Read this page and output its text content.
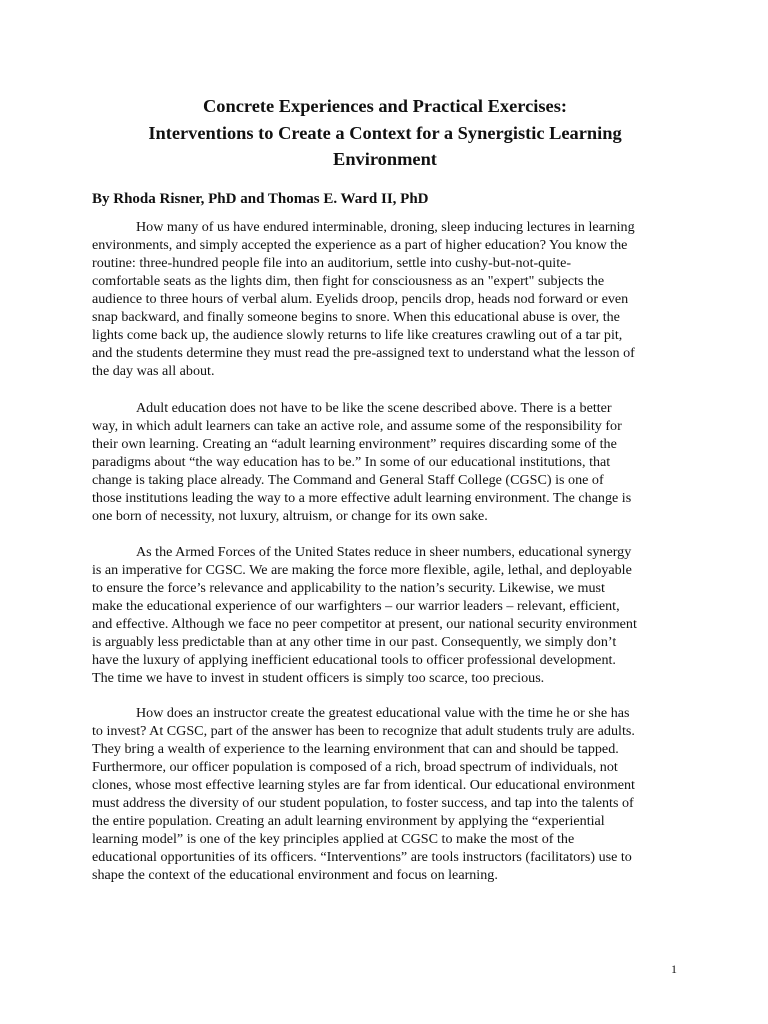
Concrete Experiences and Practical Exercises:
Interventions to Create a Context for a Synergistic Learning
Environment
By Rhoda Risner, PhD and Thomas E. Ward II, PhD
How many of us have endured interminable, droning, sleep inducing lectures in learning
environments, and simply accepted the experience as a part of higher education? You know the
routine: three-hundred people file into an auditorium, settle into cushy-but-not-quite-
comfortable seats as the lights dim, then fight for consciousness as an "expert" subjects the
audience to three hours of verbal alum. Eyelids droop, pencils drop, heads nod forward or even
snap backward, and finally someone begins to snore. When this educational abuse is over, the
lights come back up, the audience slowly returns to life like creatures crawling out of a tar pit,
and the students determine they must read the pre-assigned text to understand what the lesson of
the day was all about.
Adult education does not have to be like the scene described above. There is a better
way, in which adult learners can take an active role, and assume some of the responsibility for
their own learning. Creating an “adult learning environment” requires discarding some of the
paradigms about “the way education has to be.” In some of our educational institutions, that
change is taking place already. The Command and General Staff College (CGSC) is one of
those institutions leading the way to a more effective adult learning environment. The change is
one born of necessity, not luxury, altruism, or change for its own sake.
As the Armed Forces of the United States reduce in sheer numbers, educational synergy
is an imperative for CGSC. We are making the force more flexible, agile, lethal, and deployable
to ensure the force’s relevance and applicability to the nation’s security. Likewise, we must
make the educational experience of our warfighters – our warrior leaders – relevant, efficient,
and effective. Although we face no peer competitor at present, our national security environment
is arguably less predictable than at any other time in our past. Consequently, we simply don’t
have the luxury of applying inefficient educational tools to officer professional development.
The time we have to invest in student officers is simply too scarce, too precious.
How does an instructor create the greatest educational value with the time he or she has
to invest? At CGSC, part of the answer has been to recognize that adult students truly are adults.
They bring a wealth of experience to the learning environment that can and should be tapped.
Furthermore, our officer population is composed of a rich, broad spectrum of individuals, not
clones, whose most effective learning styles are far from identical. Our educational environment
must address the diversity of our student population, to foster success, and tap into the talents of
the entire population. Creating an adult learning environment by applying the “experiential
learning model” is one of the key principles applied at CGSC to make the most of the
educational opportunities of its officers. “Interventions” are tools instructors (facilitators) use to
shape the context of the educational environment and focus on learning.
1
